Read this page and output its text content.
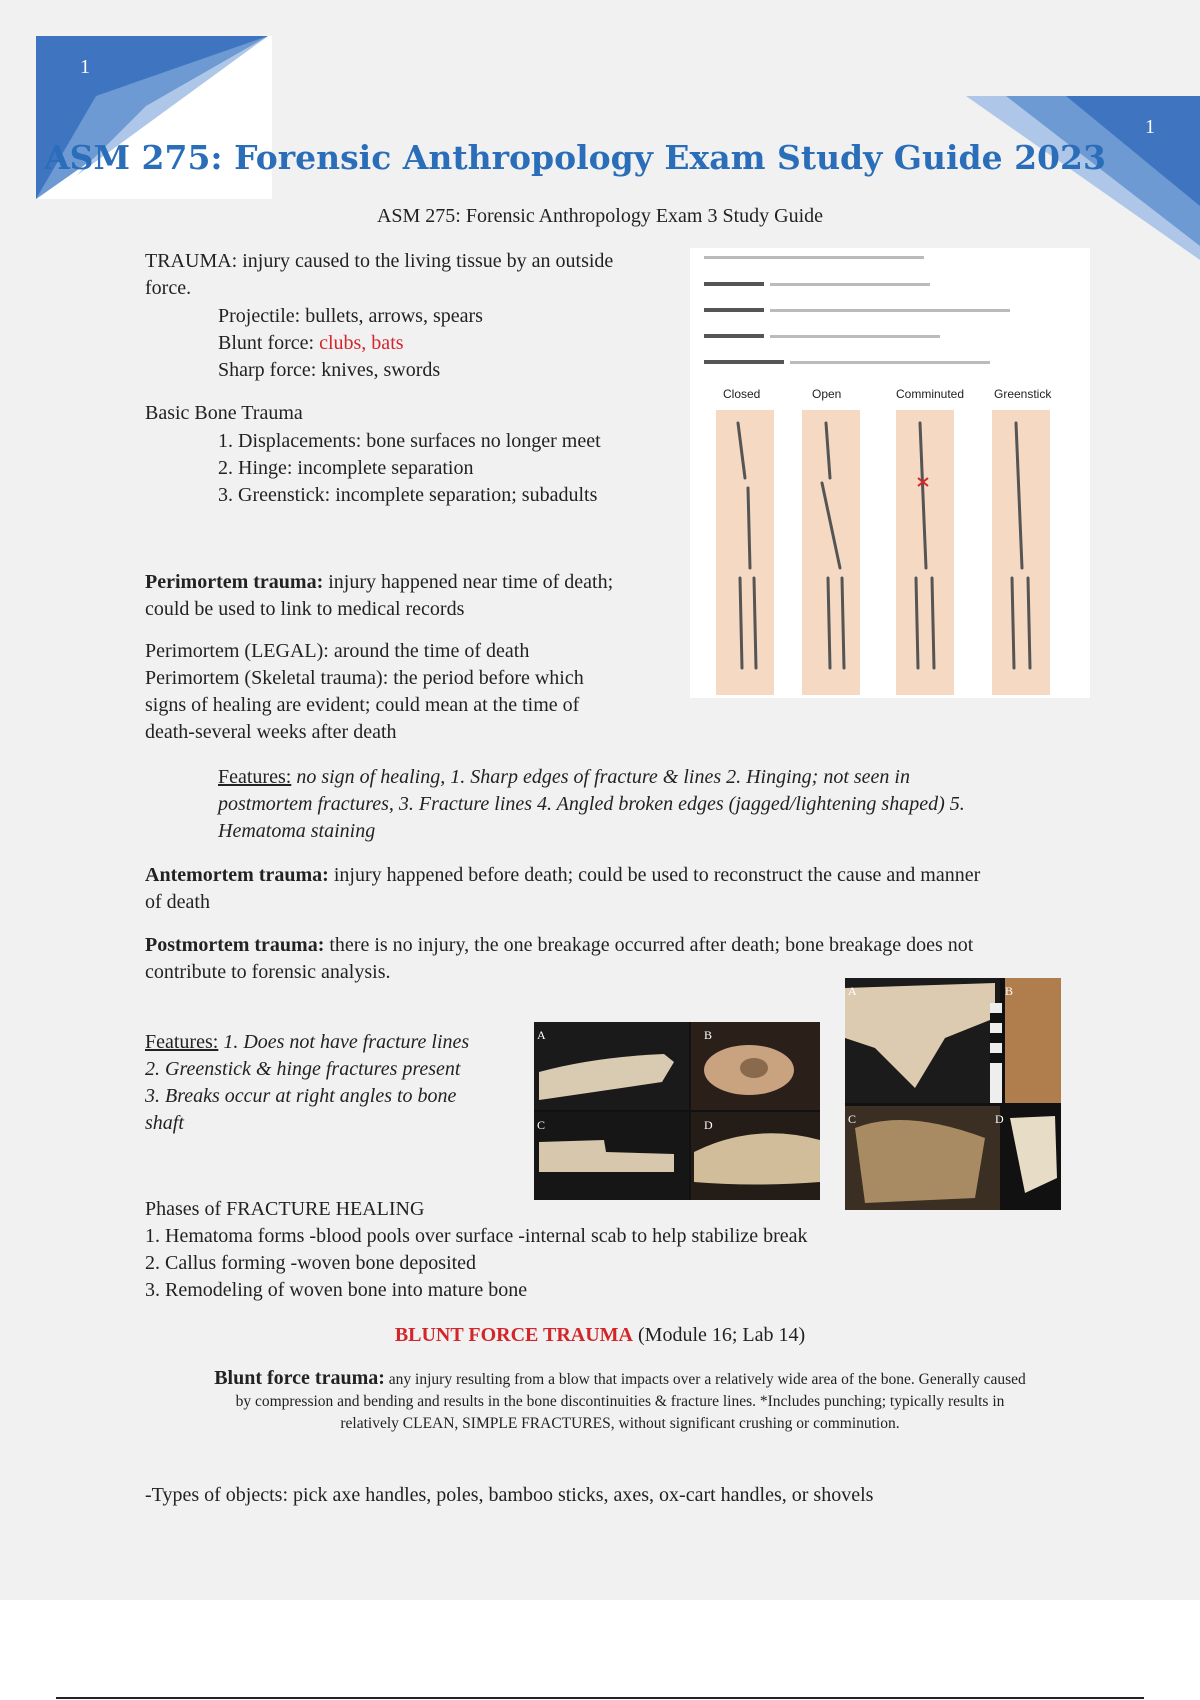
1
1
ASM 275: Forensic Anthropology Exam Study Guide 2023
ASM 275: Forensic Anthropology Exam 3 Study Guide
TRAUMA: injury caused to the living tissue by an outside
force.
Projectile: bullets, arrows, spears
Blunt force: clubs, bats
Sharp force: knives, swords
Basic Bone Trauma
1. Displacements: bone surfaces no longer meet
2. Hinge: incomplete separation
3. Greenstick: incomplete separation; subadults
Closed	Open	Comminuted Greenstick
Perimortem trauma: injury happened near time of death;
could be used to link to medical records
Perimortem (LEGAL): around the time of death
Perimortem (Skeletal trauma): the period before which
signs of healing are evident; could mean at the time of
death-several weeks after death
Features: no sign of healing, 1. Sharp edges of fracture & lines 2. Hinging; not seen in
postmortem fractures, 3. Fracture lines 4. Angled broken edges (jagged/lightening shaped) 5.
Hematoma staining
Antemortem trauma: injury happened before death; could be used to reconstruct the cause and manner
of death
Postmortem trauma: there is no injury, the one breakage occurred after death; bone breakage does not
contribute to forensic analysis.
Features: 1. Does not have fracture lines
2. Greenstick & hinge fractures present
3. Breaks occur at right angles to bone
shaft
A	B
C	D
A	B
C	D
Phases of FRACTURE HEALING
1. Hematoma forms -blood pools over surface -internal scab to help stabilize break
2. Callus forming -woven bone deposited
3. Remodeling of woven bone into mature bone
BLUNT FORCE TRAUMA (Module 16; Lab 14)
Blunt force trauma: any injury resulting from a blow that impacts over a relatively wide area of the bone. Generally caused
by compression and bending and results in the bone discontinuities & fracture lines. *Includes punching; typically results in
relatively CLEAN, SIMPLE FRACTURES, without significant crushing or comminution.
-Types of objects: pick axe handles, poles, bamboo sticks, axes, ox-cart handles, or shovels
